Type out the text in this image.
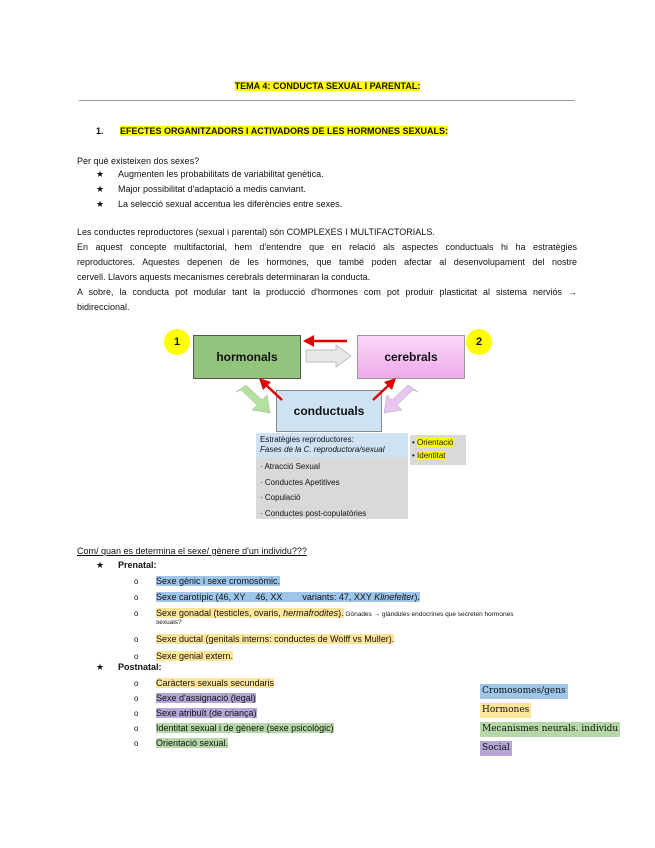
TEMA 4: CONDUCTA SEXUAL I PARENTAL:
1. EFECTES ORGANITZADORS I ACTIVADORS DE LES HORMONES SEXUALS:
Per què existeixen dos sexes?
★ Augmenten les probabilitats de variabilitat genètica.
★ Major possibilitat d'adaptació a medis canviant.
★ La selecció sexual accentua les diferències entre sexes.
Les conductes reproductores (sexual i parental) són COMPLEXES I MULTIFACTORIALS.
En aquest concepte multifactorial, hem d'entendre que en relació als aspectes conductuals hi ha estratègies
reproductores. Aquestes depenen de les hormones, que també poden afectar al desenvolupament del nostre
cervell. Llavors aquests mecanismes cerebrals determinaran la conducta.
A sobre, la conducta pot modular tant la producció d'hormones com pot produir plasticitat al sistema nerviós →
bidireccional.
1	2
hormonals	cerebrals
conductuals
Estratègies reproductores:
Fases de la C. reproductora/sexual
· Atracció Sexual
· Conductes Apetitives
· Copulació
· Conductes post-copulatòries
• Orientació
• Identitat
Com/ quan es determina el sexe/ gènere d'un individu???
★ Prenatal:
o Sexe gènic i sexe cromosòmic.
o Sexe carotípic (46, XY    46, XX        variants: 47, XXY Klinefelter).
o Sexe gonadal (testicles, ovaris, hermafrodites). Gònades → glàndules endocrines que secreten hormones
sexuals?
o Sexe ductal (genitals interns: conductes de Wolff vs Muller).
o Sexe genial extern.
★ Postnatal:
o Caràcters sexuals secundaris
o Sexe d'assignació (legal)
o Sexe atribuït (de criança)
o Identitat sexual i de gènere (sexe psicològic)
o Orientació sexual.
Cromosomes/gens
Hormones
Mecanismes neurals. individu
Social
